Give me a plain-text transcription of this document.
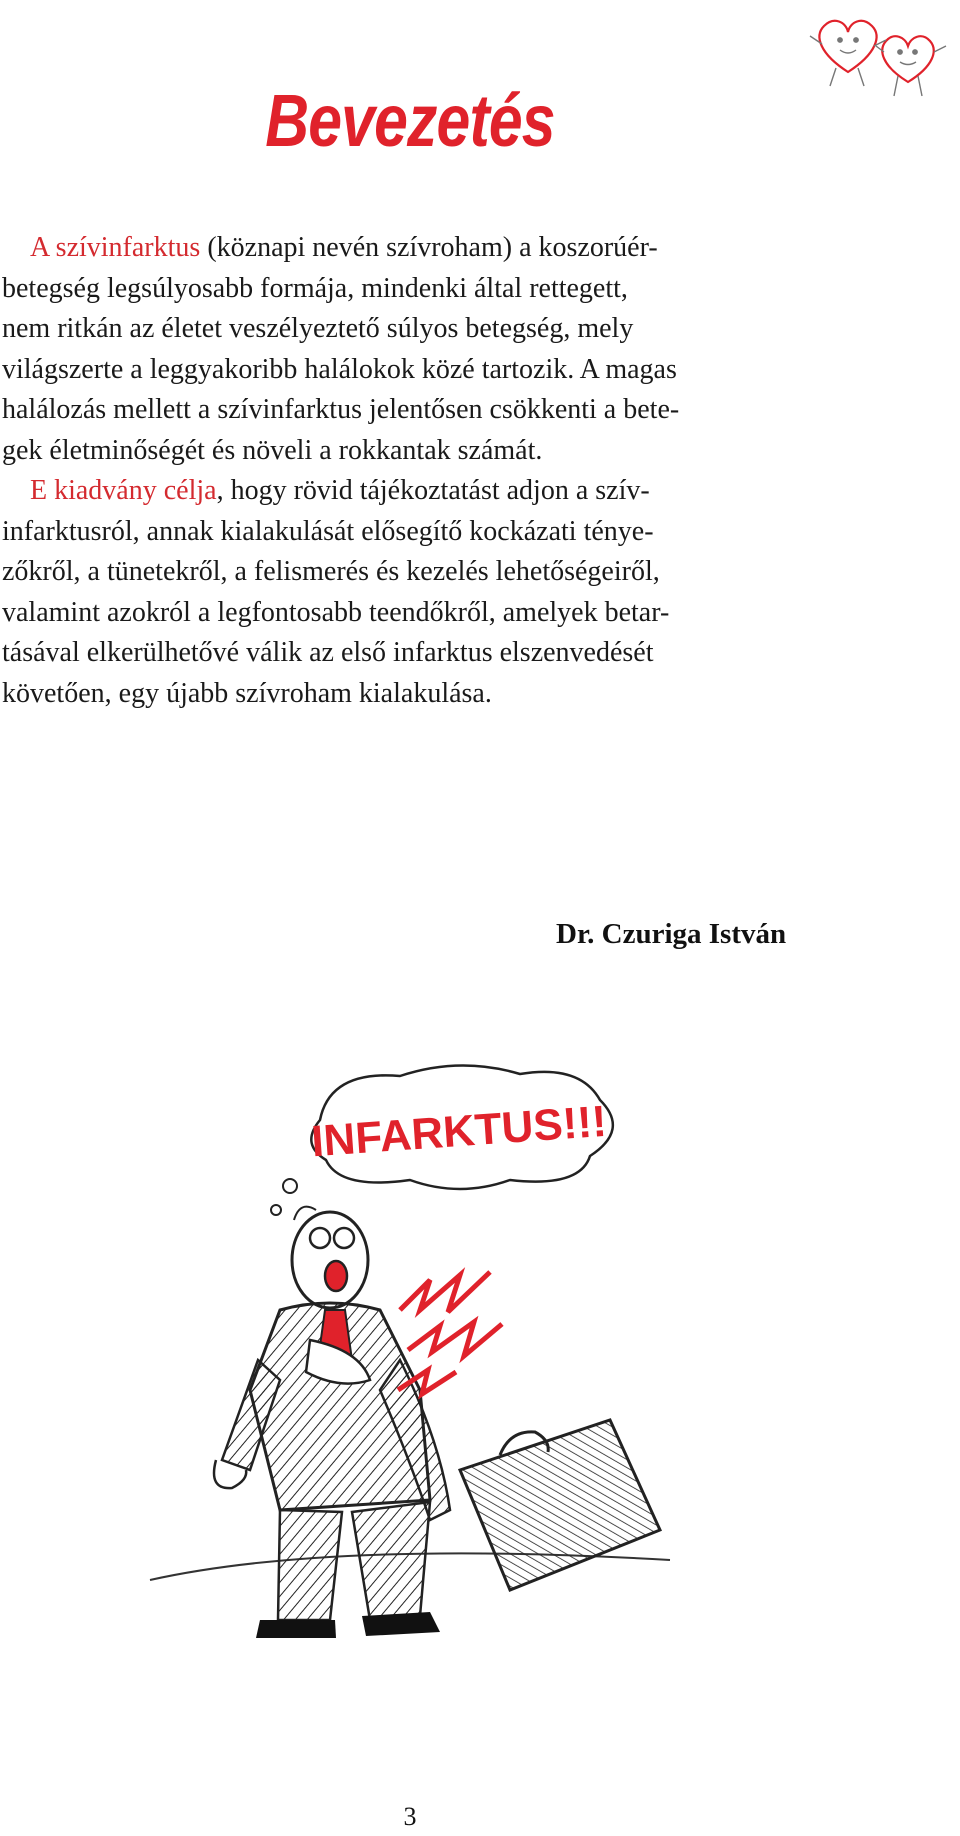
Bevezetés
A szívinfarktus (köznapi nevén szívroham) a koszorúér-
betegség legsúlyosabb formája, mindenki által rettegett,
nem ritkán az életet veszélyeztető súlyos betegség, mely
világszerte a leggyakoribb halálokok közé tartozik. A magas
halálozás mellett a szívinfarktus jelentősen csökkenti a bete-
gek életminőségét és növeli a rokkantak számát.
E kiadvány célja, hogy rövid tájékoztatást adjon a szív-
infarktusról, annak kialakulását elősegítő kockázati ténye-
zőkről, a tünetekről, a felismerés és kezelés lehetőségeiről,
valamint azokról a legfontosabb teendőkről, amelyek betar-
tásával elkerülhetővé válik az első infarktus elszenvedését
követően, egy újabb szívroham kialakulása.
Dr. Czuriga István
INFARKTUS!!!
3
